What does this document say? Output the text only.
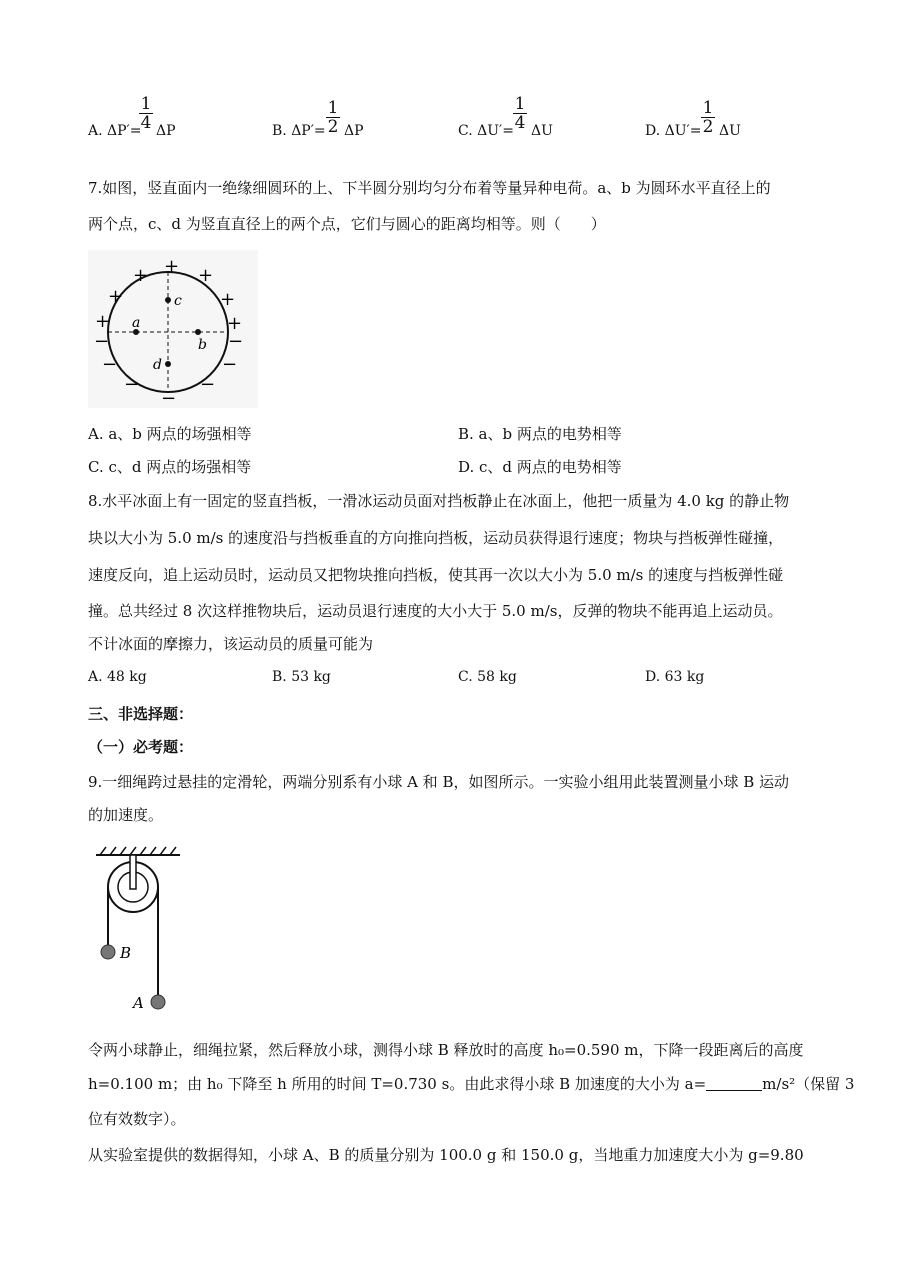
A. ΔP′=
$\frac{1}{4}$ ΔP	B. $\Delta P'= \frac{1}{2}$ ΔP	C. $\Delta U'= \frac{1}{4}$ ΔU	D. $\Delta U'= \frac{1}{2}$ ΔU
7.如图，竖直面内一绝缘细圆环的上、下半圆分别均匀分布着等量异种电荷。a、b 为圆环水平直径上的
两个点，c、d 为竖直直径上的两个点，它们与圆心的距离均相等。则（　　）
a
b
c
d
+
+	+
+	+
+	+
−	−
−	−
−	−
−
A. a、b 两点的场强相等	B. a、b 两点的电势相等
C. c、d 两点的场强相等	D. c、d 两点的电势相等
8.水平冰面上有一固定的竖直挡板，一滑冰运动员面对挡板静止在冰面上，他把一质量为 4.0 kg 的静止物
块以大小为 5.0 m/s 的速度沿与挡板垂直的方向推向挡板，运动员获得退行速度；物块与挡板弹性碰撞，
速度反向，追上运动员时，运动员又把物块推向挡板，使其再一次以大小为 5.0 m/s 的速度与挡板弹性碰
撞。总共经过 8 次这样推物块后，运动员退行速度的大小大于 5.0 m/s，反弹的物块不能再追上运动员。
不计冰面的摩擦力，该运动员的质量可能为
A. 48 kg	B. 53 kg	C. 58 kg	D. 63 kg
三、非选择题：
（一）必考题：
9.一细绳跨过悬挂的定滑轮，两端分别系有小球 A 和 B，如图所示。一实验小组用此装置测量小球 B 运动
的加速度。
B
A
令两小球静止，细绳拉紧，然后释放小球，测得小球 B 释放时的高度 h₀=0.590 m，下降一段距离后的高度
h=0.100 m；由 h₀ 下降至 h 所用的时间 T=0.730 s。由此求得小球 B 加速度的大小为 a=	m/s²（保留 3
位有效数字）。
从实验室提供的数据得知，小球 A、B 的质量分别为 100.0 g 和 150.0 g，当地重力加速度大小为 g=9.80
